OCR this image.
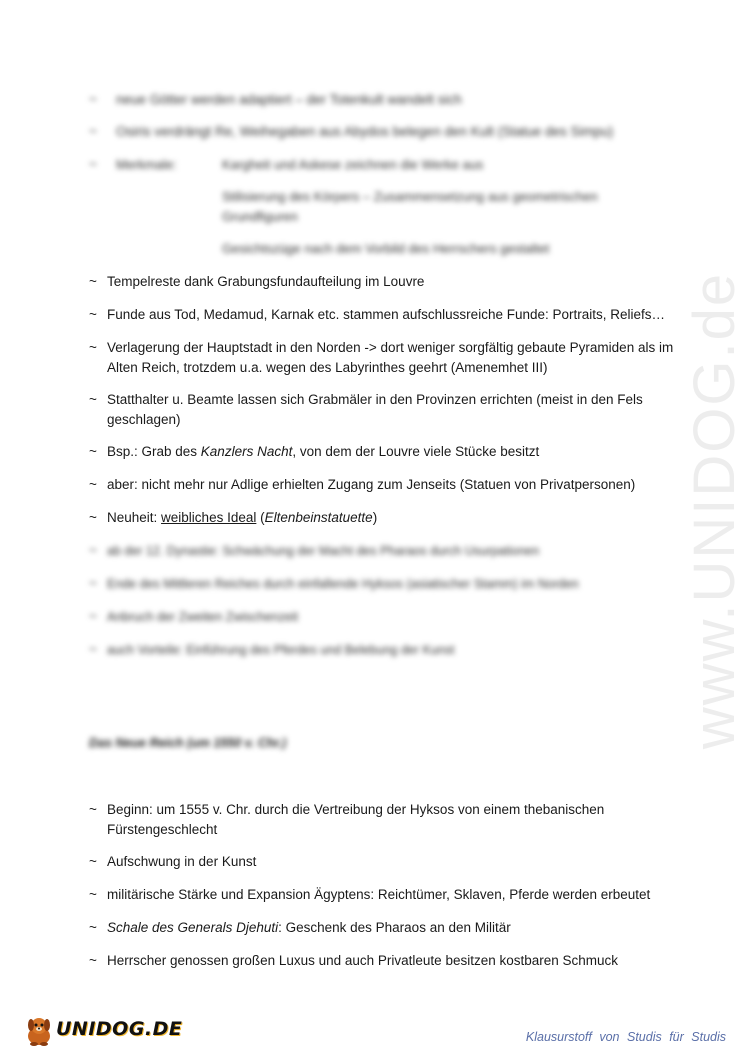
~	neue Götter werden adaptiert – der Totenkult wandelt sich
~	Osiris verdrängt Re, Weihegaben aus Abydos belegen den Kult (Statue des Simpu)
~	Merkmale:	Kargheit und Askese zeichnen die Werke aus
Stilisierung des Körpers – Zusammensetzung aus geometrischen Grundfiguren
Gesichtszüge nach dem Vorbild des Herrschers gestaltet
~ Tempelreste dank Grabungsfundaufteilung im Louvre
~ Funde aus Tod, Medamud, Karnak etc. stammen aufschlussreiche Funde: Portraits, Reliefs…
~ Verlagerung der Hauptstadt in den Norden -> dort weniger sorgfältig gebaute Pyramiden als im
Alten Reich, trotzdem u.a. wegen des Labyrinthes geehrt (Amenemhet III)
~ Statthalter u. Beamte lassen sich Grabmäler in den Provinzen errichten (meist in den Fels
geschlagen)
~ Bsp.: Grab des Kanzlers Nacht, von dem der Louvre viele Stücke besitzt
~ aber: nicht mehr nur Adlige erhielten Zugang zum Jenseits (Statuen von Privatpersonen)
~ Neuheit: weibliches Ideal (Eltenbeinstatuette)
~ ab der 12. Dynastie: Schwächung der Macht des Pharaos durch Usurpationen
~ Ende des Mittleren Reiches durch einfallende Hyksos (asiatischer Stamm) im Norden
~ Anbruch der Zweiten Zwischenzeit
~ auch Vorteile: Einführung des Pferdes und Belebung der Kunst
Das Neue Reich (um 1550 v. Chr.)
~ Beginn: um 1555 v. Chr. durch die Vertreibung der Hyksos von einem thebanischen
Fürstengeschlecht
~ Aufschwung in der Kunst
~ militärische Stärke und Expansion Ägyptens: Reichtümer, Sklaven, Pferde werden erbeutet
~ Schale des Generals Djehuti: Geschenk des Pharaos an den Militär
~ Herrscher genossen großen Luxus und auch Privatleute besitzen kostbaren Schmuck
www.UNIDOG.de
UNIDOG.DE	Klausurstoff von Studis für Studis
